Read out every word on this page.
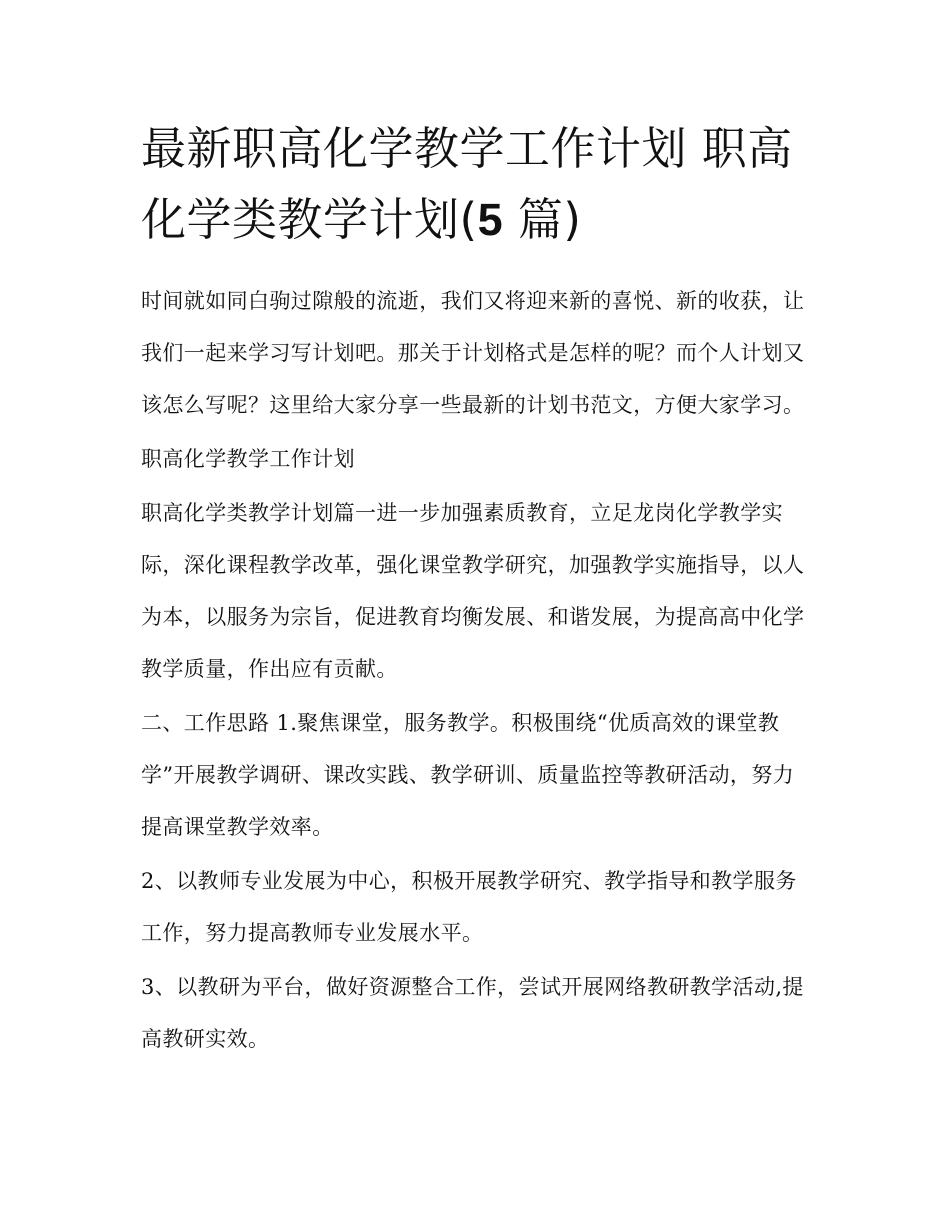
最新职高化学教学工作计划 职高化学类教学计划(5 篇)

时间就如同白驹过隙般的流逝，我们又将迎来新的喜悦、新的收获，让我们一起来学习写计划吧。那关于计划格式是怎样的呢？而个人计划又该怎么写呢？这里给大家分享一些最新的计划书范文，方便大家学习。

职高化学教学工作计划

职高化学类教学计划篇一进一步加强素质教育，立足龙岗化学教学实际，深化课程教学改革，强化课堂教学研究，加强教学实施指导，以人为本，以服务为宗旨，促进教育均衡发展、和谐发展，为提高高中化学教学质量，作出应有贡献。

二、工作思路 1.聚焦课堂，服务教学。积极围绕“优质高效的课堂教学”开展教学调研、课改实践、教学研训、质量监控等教研活动，努力提高课堂教学效率。

2、以教师专业发展为中心，积极开展教学研究、教学指导和教学服务工作，努力提高教师专业发展水平。

3、以教研为平台，做好资源整合工作，尝试开展网络教研教学活动,提高教研实效。
